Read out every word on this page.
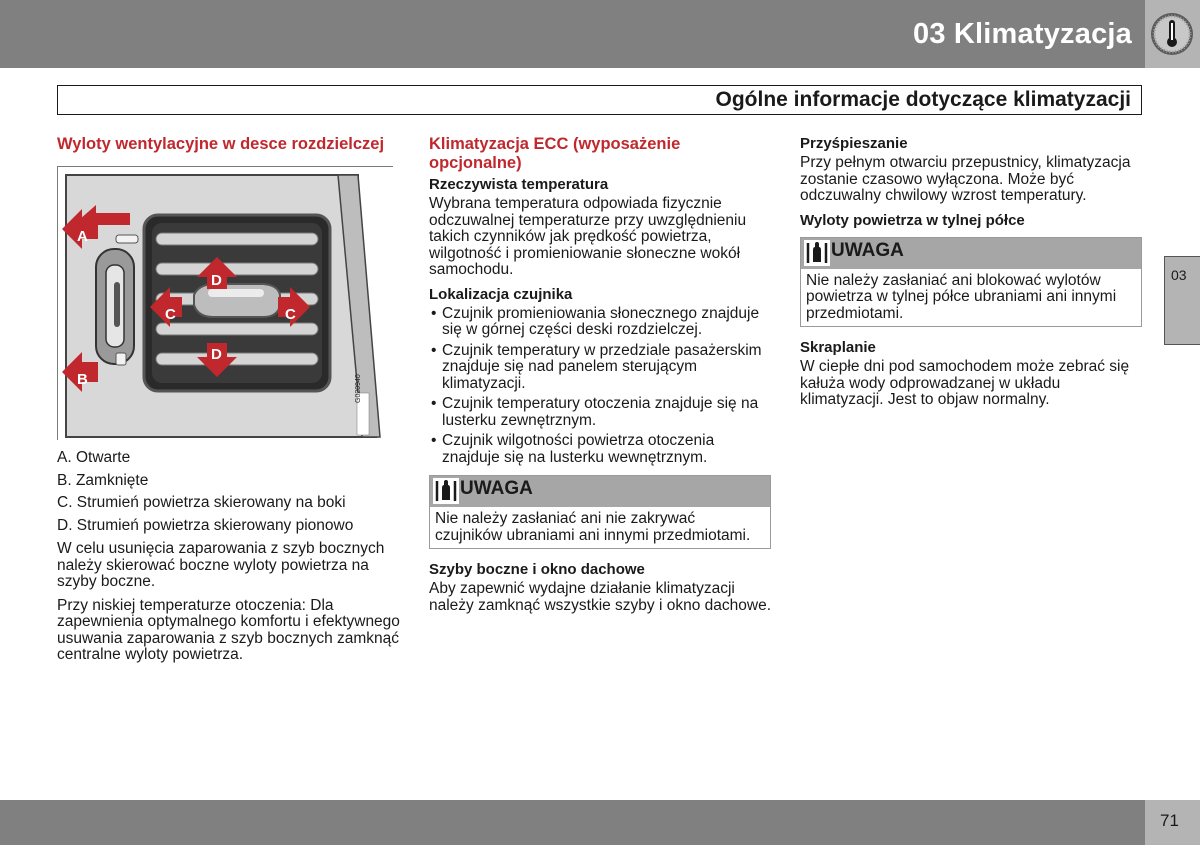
03 Klimatyzacja
Ogólne informacje dotyczące klimatyzacji
Wyloty wentylacyjne w desce rozdzielczej
A
B
C	C
D
D
G020940
A. Otwarte
B. Zamknięte
C. Strumień powietrza skierowany na boki
D. Strumień powietrza skierowany pionowo
W celu usunięcia zaparowania z szyb bocznych należy skierować boczne wyloty powietrza na szyby boczne.
Przy niskiej temperaturze otoczenia: Dla zapewnienia optymalnego komfortu i efektywnego usuwania zaparowania z szyb bocznych zamknąć centralne wyloty powietrza.
Klimatyzacja ECC (wyposażenie opcjonalne)
Rzeczywista temperatura
Wybrana temperatura odpowiada fizycznie odczuwalnej temperaturze przy uwzględnieniu takich czynników jak prędkość powietrza, wilgotność i promieniowanie słoneczne wokół samochodu.
Lokalizacja czujnika
• Czujnik promieniowania słonecznego znajduje się w górnej części deski rozdzielczej.
• Czujnik temperatury w przedziale pasażerskim znajduje się nad panelem sterującym klimatyzacji.
• Czujnik temperatury otoczenia znajduje się na lusterku zewnętrznym.
• Czujnik wilgotności powietrza otoczenia znajduje się na lusterku wewnętrznym.
UWAGA
Nie należy zasłaniać ani nie zakrywać czujników ubraniami ani innymi przedmiotami.
Szyby boczne i okno dachowe
Aby zapewnić wydajne działanie klimatyzacji należy zamknąć wszystkie szyby i okno dachowe.
Przyśpieszanie
Przy pełnym otwarciu przepustnicy, klimatyzacja zostanie czasowo wyłączona. Może być odczuwalny chwilowy wzrost temperatury.
Wyloty powietrza w tylnej półce
UWAGA
Nie należy zasłaniać ani blokować wylotów powietrza w tylnej półce ubraniami ani innymi przedmiotami.
Skraplanie
W ciepłe dni pod samochodem może zebrać się kałuża wody odprowadzanej w układu klimatyzacji. Jest to objaw normalny.
03
71
